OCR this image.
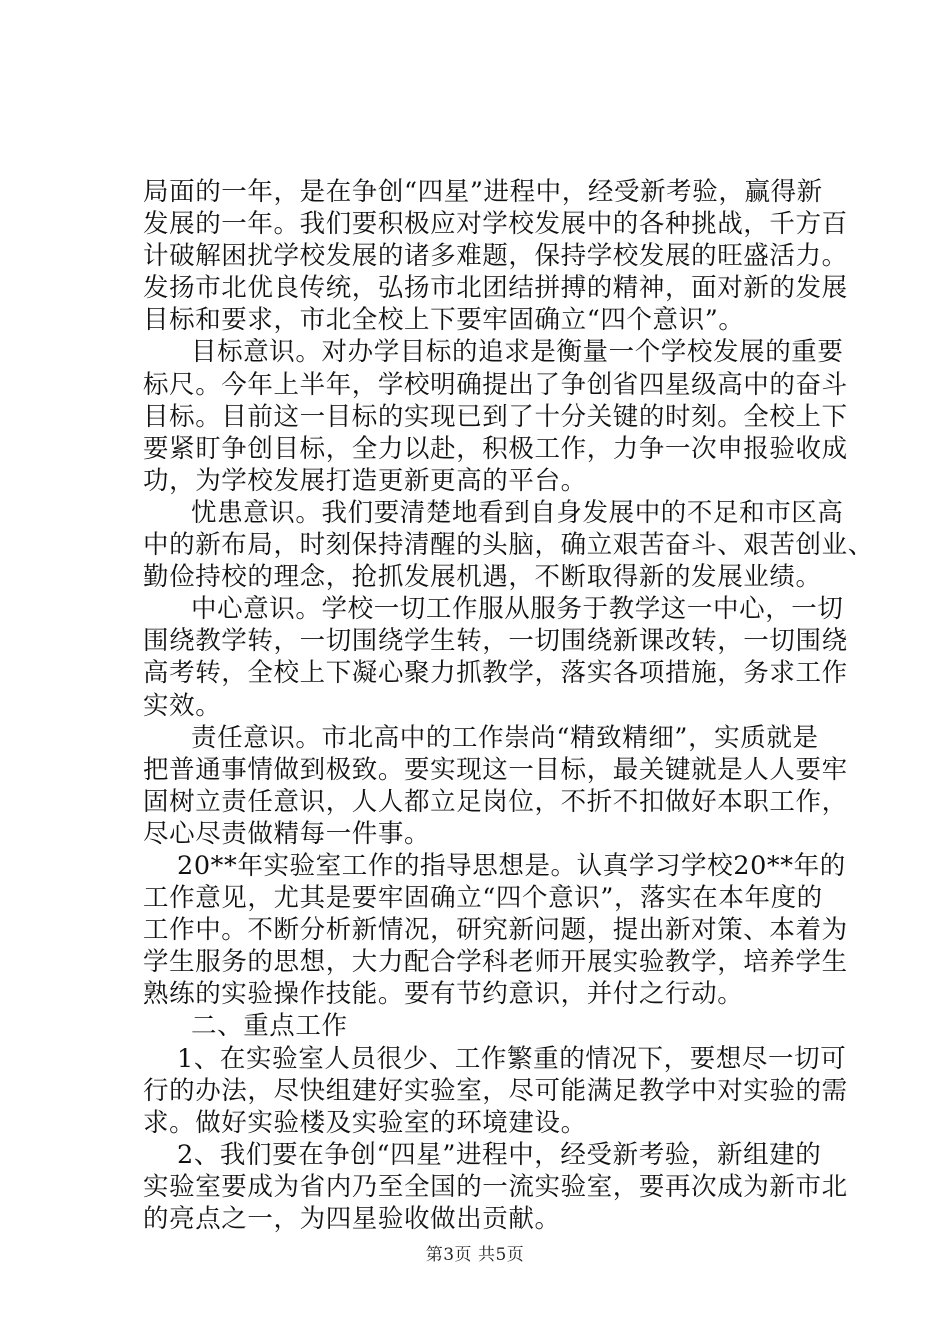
局面的一年，是在争创“四星”进程中，经受新考验，赢得新
发展的一年。我们要积极应对学校发展中的各种挑战，千方百
计破解困扰学校发展的诸多难题，保持学校发展的旺盛活力。
发扬市北优良传统，弘扬市北团结拼搏的精神，面对新的发展
目标和要求，市北全校上下要牢固确立“四个意识”。
目标意识。对办学目标的追求是衡量一个学校发展的重要
标尺。今年上半年，学校明确提出了争创省四星级高中的奋斗
目标。目前这一目标的实现已到了十分关键的时刻。全校上下
要紧盯争创目标，全力以赴，积极工作，力争一次申报验收成
功，为学校发展打造更新更高的平台。
忧患意识。我们要清楚地看到自身发展中的不足和市区高
中的新布局，时刻保持清醒的头脑，确立艰苦奋斗、艰苦创业、
勤俭持校的理念，抢抓发展机遇，不断取得新的发展业绩。
中心意识。学校一切工作服从服务于教学这一中心，一切
围绕教学转，一切围绕学生转，一切围绕新课改转，一切围绕
高考转，全校上下凝心聚力抓教学，落实各项措施，务求工作
实效。
责任意识。市北高中的工作崇尚“精致精细”，实质就是
把普通事情做到极致。要实现这一目标，最关键就是人人要牢
固树立责任意识，人人都立足岗位，不折不扣做好本职工作，
尽心尽责做精每一件事。
20**年实验室工作的指导思想是。认真学习学校20**年的
工作意见，尤其是要牢固确立“四个意识”，落实在本年度的
工作中。不断分析新情况，研究新问题，提出新对策、本着为
学生服务的思想，大力配合学科老师开展实验教学，培养学生
熟练的实验操作技能。要有节约意识，并付之行动。
二、重点工作
1、在实验室人员很少、工作繁重的情况下，要想尽一切可
行的办法，尽快组建好实验室，尽可能满足教学中对实验的需
求。做好实验楼及实验室的环境建设。
2、我们要在争创“四星”进程中，经受新考验，新组建的
实验室要成为省内乃至全国的一流实验室，要再次成为新市北
的亮点之一，为四星验收做出贡献。
第3页 共5页
